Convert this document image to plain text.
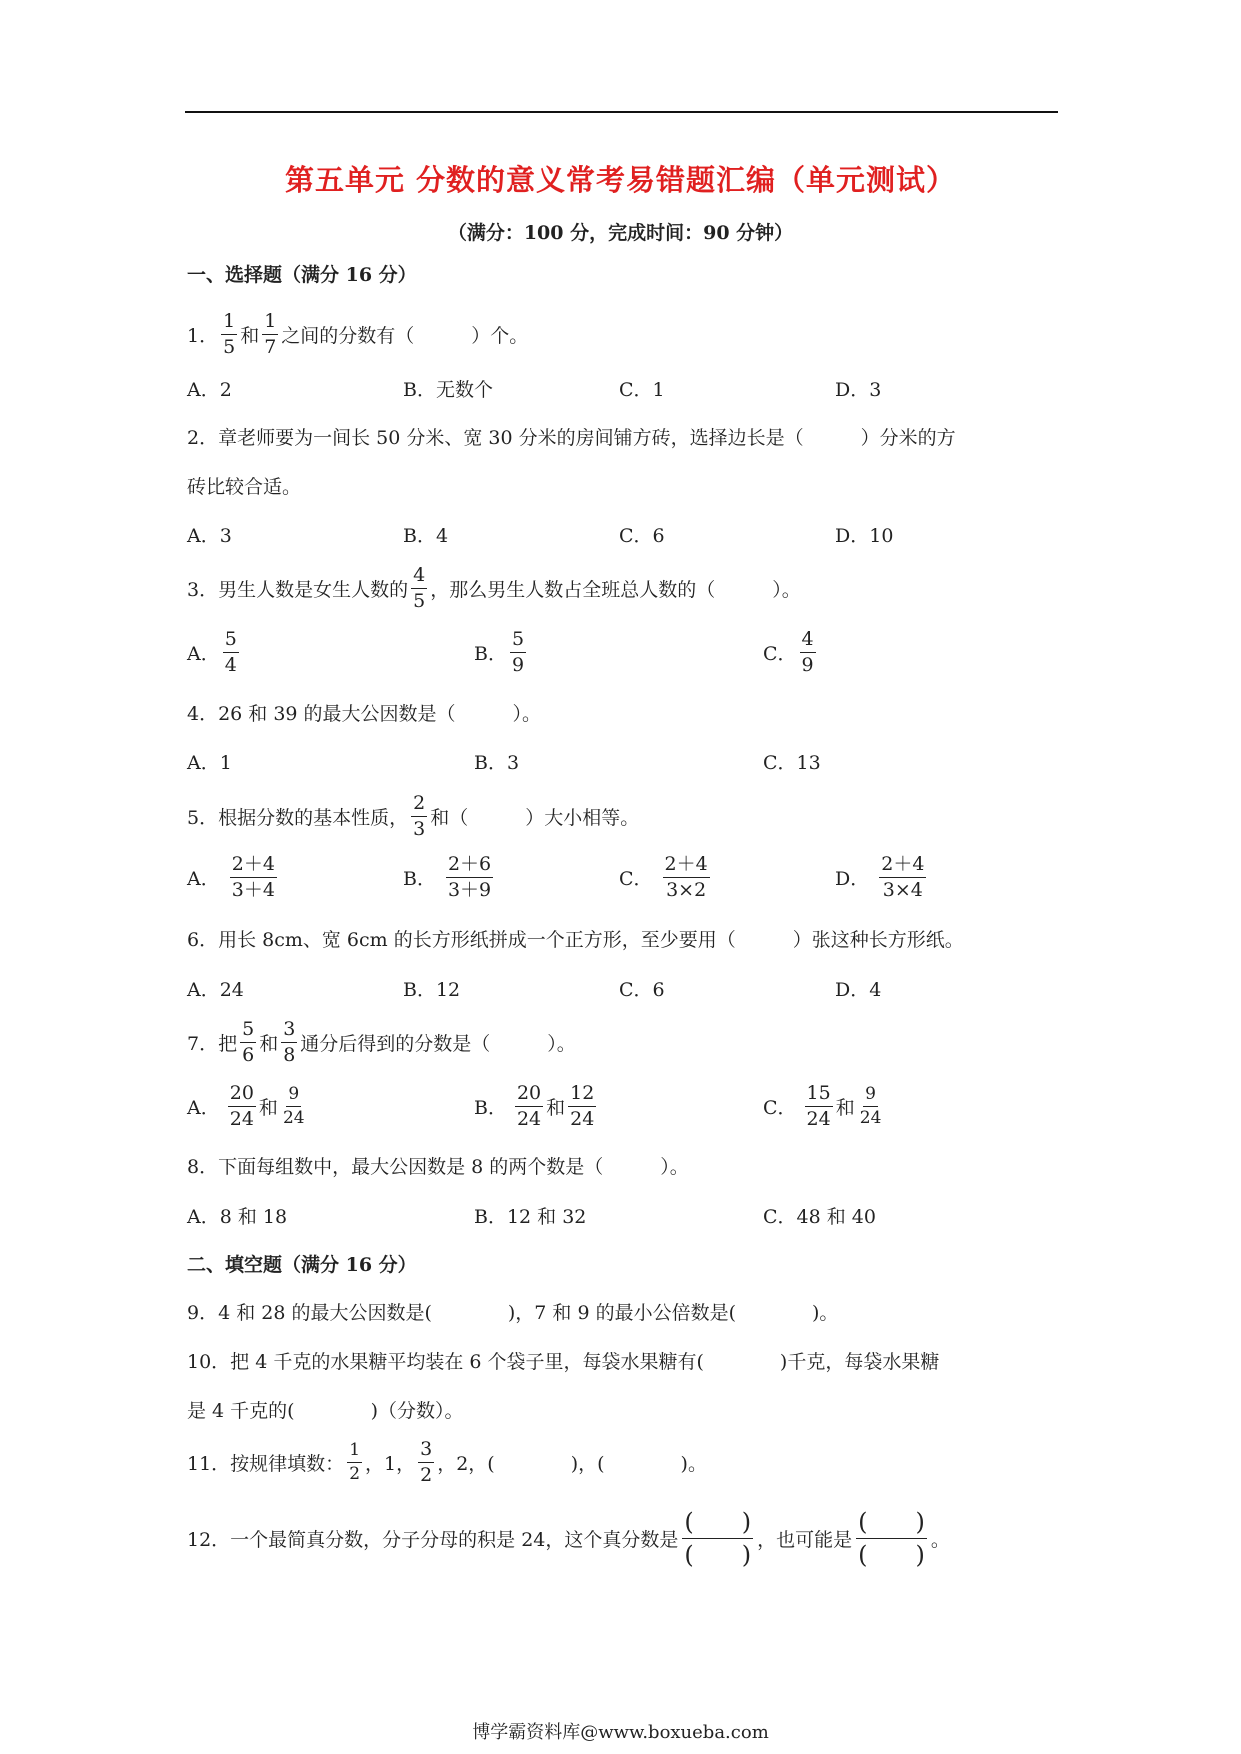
第五单元 分数的意义常考易错题汇编（单元测试）
（满分：100 分，完成时间：90 分钟）
一、选择题（满分 16 分）
1． $\frac{1}{5}$ 和 $\frac{1}{7}$ 之间的分数有（　　　）个。
A．2	B．无数个	C．1	D．3
2．章老师要为一间长 50 分米、宽 30 分米的房间铺方砖，选择边长是（　　　）分米的方
砖比较合适。
A．3	B．4	C．6	D．10
3．男生人数是女生人数的 $\frac{4}{5}$ ，那么男生人数占全班总人数的（　　　）。
A． $\frac{5}{4}$	B． $\frac{5}{9}$	C． $\frac{4}{9}$
4．26 和 39 的最大公因数是（　　　）。
A．1	B．3	C．13
5．根据分数的基本性质， $\frac{2}{3}$ 和（　　　）大小相等。
A． $\frac{2+4}{3+4}$	B． $\frac{2+6}{3+9}$	C． $\frac{2+4}{3\times 2}$	D． $\frac{2+4}{3\times 4}$
6．用长 8cm、宽 6cm 的长方形纸拼成一个正方形，至少要用（　　　）张这种长方形纸。
A．24	B．12	C．6	D．4
7．把 $\frac{5}{6}$ 和 $\frac{3}{8}$ 通分后得到的分数是（　　　）。
A． $\frac{20}{24}$ 和 $\frac{9}{24}$	B． $\frac{20}{24}$ 和 $\frac{12}{24}$	C． $\frac{15}{24}$ 和 $\frac{9}{24}$
8．下面每组数中，最大公因数是 8 的两个数是（　　　）。
A．8 和 18	B．12 和 32	C．48 和 40
二、填空题（满分 16 分）
9．4 和 28 的最大公因数是(　　　　)，7 和 9 的最小公倍数是(　　　　)。
10．把 4 千克的水果糖平均装在 6 个袋子里，每袋水果糖有(　　　　)千克，每袋水果糖
是 4 千克的(　　　　)（分数）。
11．按规律填数： $\frac{1}{2}$ ，1， $\frac{3}{2}$ ，2，(　　　　)，(　　　　)。
12．一个最简真分数，分子分母的积是 24，这个真分数是 $\frac{( )}{( )}$ ，也可能是 $\frac{( )}{( )}$ 。
博学霸资料库@www.boxueba.com
